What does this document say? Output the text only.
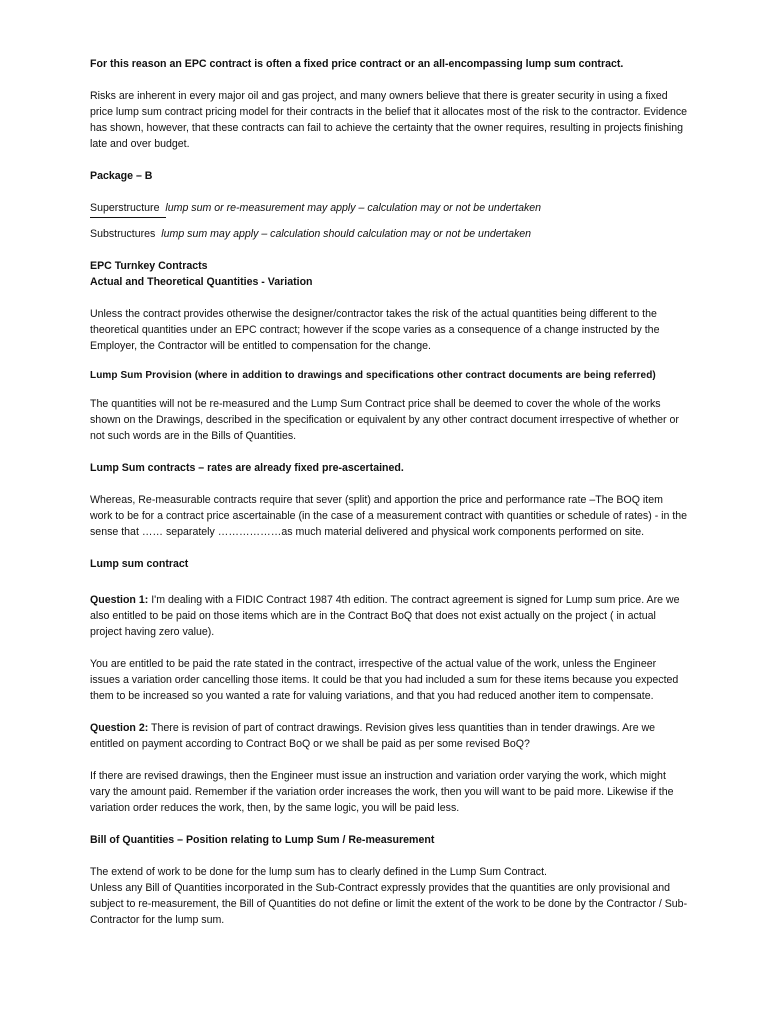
For this reason an EPC contract is often a fixed price contract or an all-encompassing lump sum contract.

Risks are inherent in every major oil and gas project, and many owners believe that there is greater security in using a fixed price lump sum contract pricing model for their contracts in the belief that it allocates most of the risk to the contractor. Evidence has shown, however, that these contracts can fail to achieve the certainty that the owner requires, resulting in projects finishing late and over budget.

Package – B

Superstructure lump sum or re-measurement may apply – calculation may or not be undertaken

Substructures lump sum may apply – calculation should calculation may or not be undertaken

EPC Turnkey Contracts

Actual and Theoretical Quantities - Variation

Unless the contract provides otherwise the designer/contractor takes the risk of the actual quantities being different to the theoretical quantities under an EPC contract; however if the scope varies as a consequence of a change instructed by the Employer, the Contractor will be entitled to compensation for the change.

Lump Sum Provision (where in addition to drawings and specifications other contract documents are being referred)

The quantities will not be re-measured and the Lump Sum Contract price shall be deemed to cover the whole of the works shown on the Drawings, described in the specification or equivalent by any other contract document irrespective of whether or not such words are in the Bills of Quantities.

Lump Sum contracts – rates are already fixed pre-ascertained.

Whereas, Re-measurable contracts require that sever (split) and apportion the price and performance rate –The BOQ item work to be for a contract price ascertainable (in the case of a measurement contract with quantities or schedule of rates) - in the sense that …… separately ………………as much material delivered and physical work components performed on site.

Lump sum contract

Question 1: I'm dealing with a FIDIC Contract 1987 4th edition. The contract agreement is signed for Lump sum price. Are we also entitled to be paid on those items which are in the Contract BoQ that does not exist actually on the project ( in actual project having zero value).

You are entitled to be paid the rate stated in the contract, irrespective of the actual value of the work, unless the Engineer issues a variation order cancelling those items. It could be that you had included a sum for these items because you expected them to be increased so you wanted a rate for valuing variations, and that you had reduced another item to compensate.

Question 2: There is revision of part of contract drawings. Revision gives less quantities than in tender drawings. Are we entitled on payment according to Contract BoQ or we shall be paid as per some revised BoQ?

If there are revised drawings, then the Engineer must issue an instruction and variation order varying the work, which might vary the amount paid. Remember if the variation order increases the work, then you will want to be paid more. Likewise if the variation order reduces the work, then, by the same logic, you will be paid less.

Bill of Quantities – Position relating to Lump Sum / Re-measurement

The extend of work to be done for the lump sum has to clearly defined in the Lump Sum Contract.

Unless any Bill of Quantities incorporated in the Sub-Contract expressly provides that the quantities are only provisional and subject to re-measurement, the Bill of Quantities do not define or limit the extent of the work to be done by the Contractor / Sub-Contractor for the lump sum.
